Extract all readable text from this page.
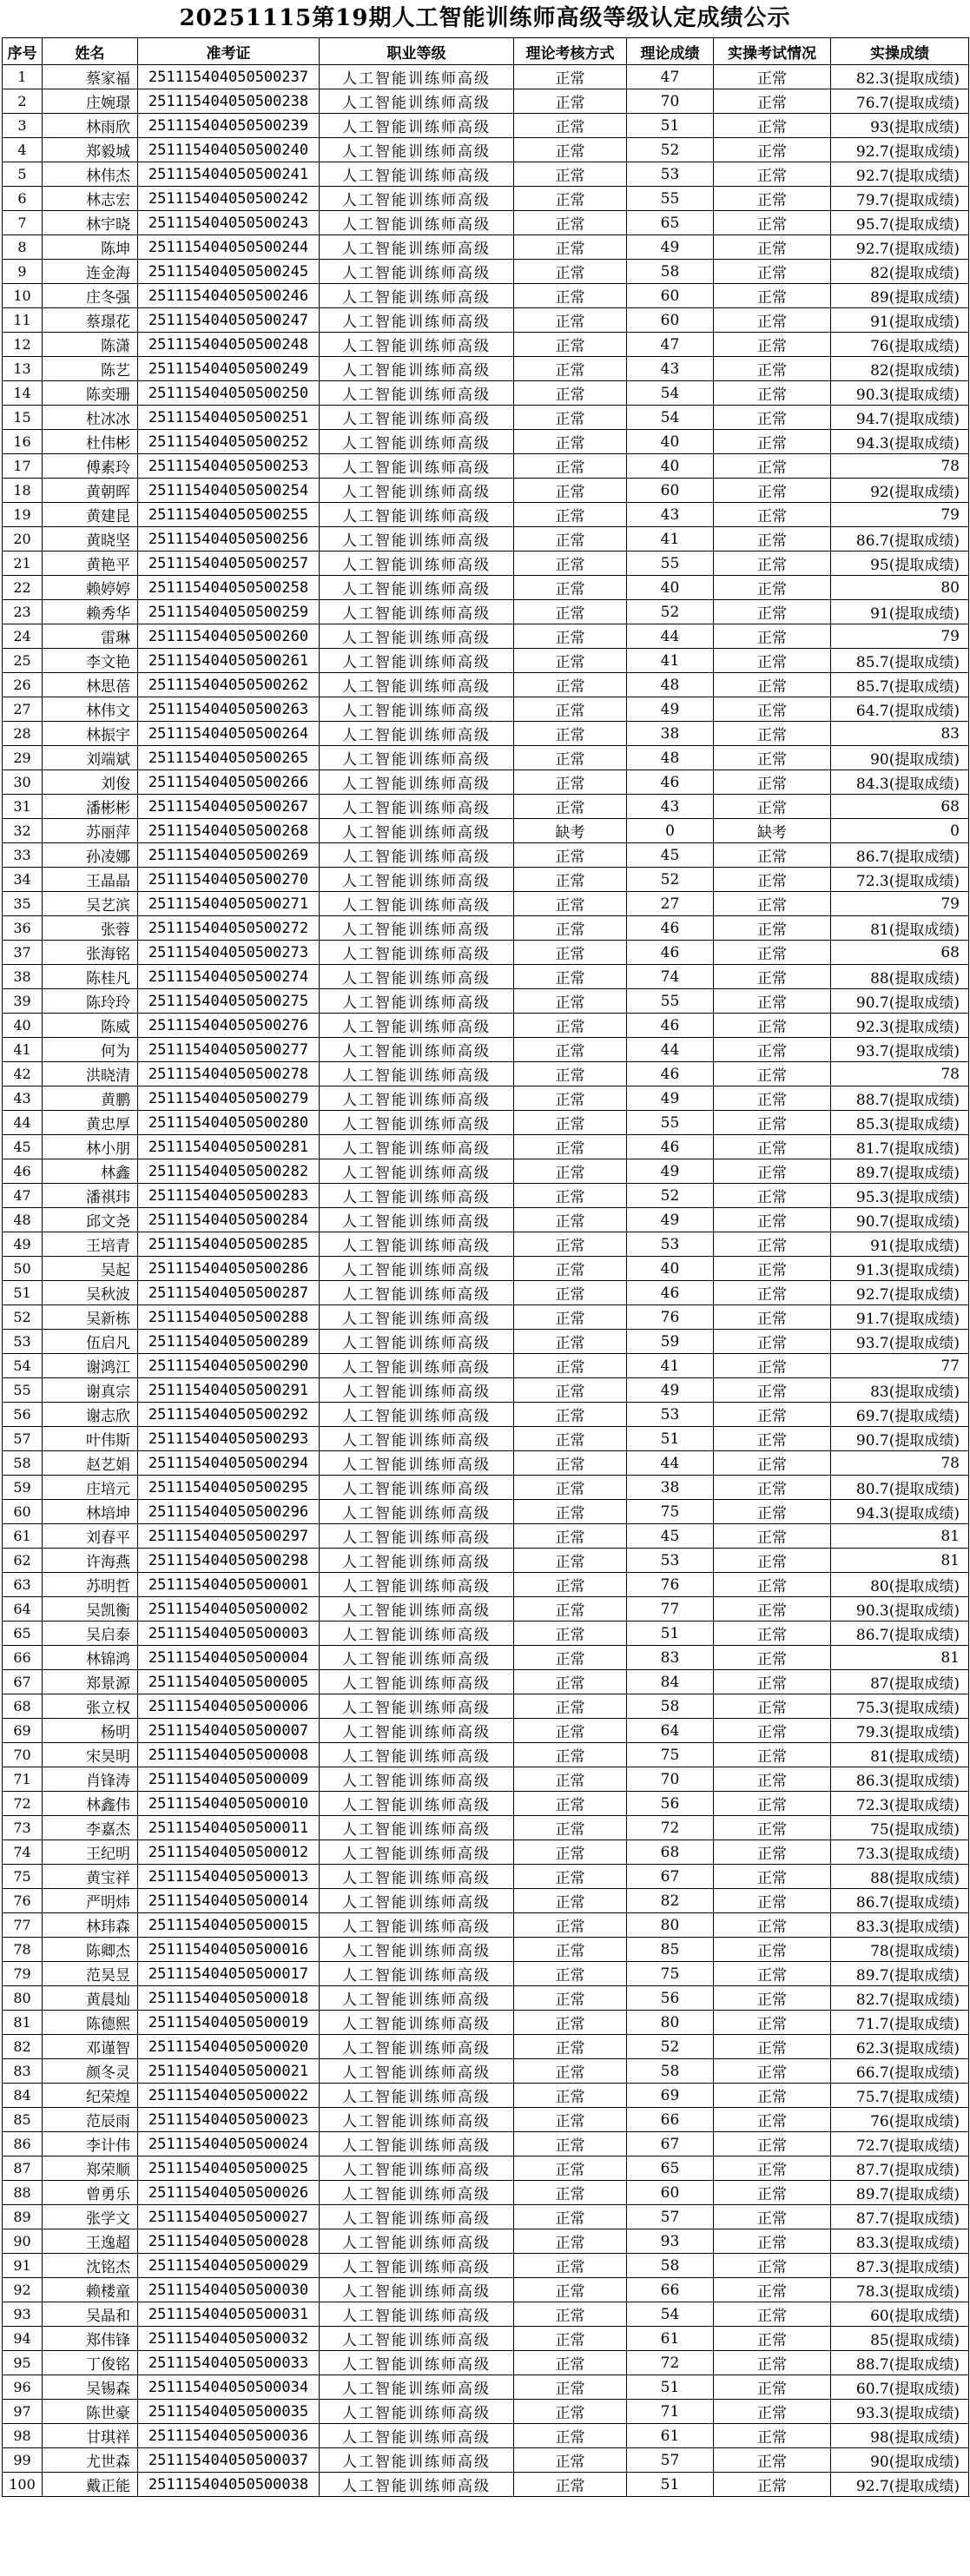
20251115第19期人工智能训练师高级等级认定成绩公示
序号	姓名	准考证	职业等级	理论考核方式	理论成绩	实操考试情况	实操成绩
1	蔡家福	251115404050500237	人工智能训练师高级	正常	47	正常	82.3(提取成绩)
2	庄婉璟	251115404050500238	人工智能训练师高级	正常	70	正常	76.7(提取成绩)
3	林雨欣	251115404050500239	人工智能训练师高级	正常	51	正常	93(提取成绩)
4	郑毅城	251115404050500240	人工智能训练师高级	正常	52	正常	92.7(提取成绩)
5	林伟杰	251115404050500241	人工智能训练师高级	正常	53	正常	92.7(提取成绩)
6	林志宏	251115404050500242	人工智能训练师高级	正常	55	正常	79.7(提取成绩)
7	林宇晓	251115404050500243	人工智能训练师高级	正常	65	正常	95.7(提取成绩)
8	陈坤	251115404050500244	人工智能训练师高级	正常	49	正常	92.7(提取成绩)
9	连金海	251115404050500245	人工智能训练师高级	正常	58	正常	82(提取成绩)
10	庄冬强	251115404050500246	人工智能训练师高级	正常	60	正常	89(提取成绩)
11	蔡璟花	251115404050500247	人工智能训练师高级	正常	60	正常	91(提取成绩)
12	陈潇	251115404050500248	人工智能训练师高级	正常	47	正常	76(提取成绩)
13	陈艺	251115404050500249	人工智能训练师高级	正常	43	正常	82(提取成绩)
14	陈奕珊	251115404050500250	人工智能训练师高级	正常	54	正常	90.3(提取成绩)
15	杜冰冰	251115404050500251	人工智能训练师高级	正常	54	正常	94.7(提取成绩)
16	杜伟彬	251115404050500252	人工智能训练师高级	正常	40	正常	94.3(提取成绩)
17	傅素玲	251115404050500253	人工智能训练师高级	正常	40	正常	78
18	黄朝晖	251115404050500254	人工智能训练师高级	正常	60	正常	92(提取成绩)
19	黄建昆	251115404050500255	人工智能训练师高级	正常	43	正常	79
20	黄晓坚	251115404050500256	人工智能训练师高级	正常	41	正常	86.7(提取成绩)
21	黄艳平	251115404050500257	人工智能训练师高级	正常	55	正常	95(提取成绩)
22	赖婷婷	251115404050500258	人工智能训练师高级	正常	40	正常	80
23	赖秀华	251115404050500259	人工智能训练师高级	正常	52	正常	91(提取成绩)
24	雷琳	251115404050500260	人工智能训练师高级	正常	44	正常	79
25	李文艳	251115404050500261	人工智能训练师高级	正常	41	正常	85.7(提取成绩)
26	林思蓓	251115404050500262	人工智能训练师高级	正常	48	正常	85.7(提取成绩)
27	林伟文	251115404050500263	人工智能训练师高级	正常	49	正常	64.7(提取成绩)
28	林振宇	251115404050500264	人工智能训练师高级	正常	38	正常	83
29	刘端斌	251115404050500265	人工智能训练师高级	正常	48	正常	90(提取成绩)
30	刘俊	251115404050500266	人工智能训练师高级	正常	46	正常	84.3(提取成绩)
31	潘彬彬	251115404050500267	人工智能训练师高级	正常	43	正常	68
32	苏丽萍	251115404050500268	人工智能训练师高级	缺考	0	缺考	0
33	孙凌娜	251115404050500269	人工智能训练师高级	正常	45	正常	86.7(提取成绩)
34	王晶晶	251115404050500270	人工智能训练师高级	正常	52	正常	72.3(提取成绩)
35	吴艺滨	251115404050500271	人工智能训练师高级	正常	27	正常	79
36	张蓉	251115404050500272	人工智能训练师高级	正常	46	正常	81(提取成绩)
37	张海铭	251115404050500273	人工智能训练师高级	正常	46	正常	68
38	陈桂凡	251115404050500274	人工智能训练师高级	正常	74	正常	88(提取成绩)
39	陈玲玲	251115404050500275	人工智能训练师高级	正常	55	正常	90.7(提取成绩)
40	陈威	251115404050500276	人工智能训练师高级	正常	46	正常	92.3(提取成绩)
41	何为	251115404050500277	人工智能训练师高级	正常	44	正常	93.7(提取成绩)
42	洪晓清	251115404050500278	人工智能训练师高级	正常	46	正常	78
43	黄鹏	251115404050500279	人工智能训练师高级	正常	49	正常	88.7(提取成绩)
44	黄忠厚	251115404050500280	人工智能训练师高级	正常	55	正常	85.3(提取成绩)
45	林小朋	251115404050500281	人工智能训练师高级	正常	46	正常	81.7(提取成绩)
46	林鑫	251115404050500282	人工智能训练师高级	正常	49	正常	89.7(提取成绩)
47	潘祺玮	251115404050500283	人工智能训练师高级	正常	52	正常	95.3(提取成绩)
48	邱文尧	251115404050500284	人工智能训练师高级	正常	49	正常	90.7(提取成绩)
49	王培青	251115404050500285	人工智能训练师高级	正常	53	正常	91(提取成绩)
50	吴起	251115404050500286	人工智能训练师高级	正常	40	正常	91.3(提取成绩)
51	吴秋波	251115404050500287	人工智能训练师高级	正常	46	正常	92.7(提取成绩)
52	吴新栋	251115404050500288	人工智能训练师高级	正常	76	正常	91.7(提取成绩)
53	伍启凡	251115404050500289	人工智能训练师高级	正常	59	正常	93.7(提取成绩)
54	谢鸿江	251115404050500290	人工智能训练师高级	正常	41	正常	77
55	谢真宗	251115404050500291	人工智能训练师高级	正常	49	正常	83(提取成绩)
56	谢志欣	251115404050500292	人工智能训练师高级	正常	53	正常	69.7(提取成绩)
57	叶伟斯	251115404050500293	人工智能训练师高级	正常	51	正常	90.7(提取成绩)
58	赵艺娟	251115404050500294	人工智能训练师高级	正常	44	正常	78
59	庄培元	251115404050500295	人工智能训练师高级	正常	38	正常	80.7(提取成绩)
60	林培坤	251115404050500296	人工智能训练师高级	正常	75	正常	94.3(提取成绩)
61	刘春平	251115404050500297	人工智能训练师高级	正常	45	正常	81
62	许海燕	251115404050500298	人工智能训练师高级	正常	53	正常	81
63	苏明哲	251115404050500001	人工智能训练师高级	正常	76	正常	80(提取成绩)
64	吴凯衡	251115404050500002	人工智能训练师高级	正常	77	正常	90.3(提取成绩)
65	吴启泰	251115404050500003	人工智能训练师高级	正常	51	正常	86.7(提取成绩)
66	林锦鸿	251115404050500004	人工智能训练师高级	正常	83	正常	81
67	郑景源	251115404050500005	人工智能训练师高级	正常	84	正常	87(提取成绩)
68	张立权	251115404050500006	人工智能训练师高级	正常	58	正常	75.3(提取成绩)
69	杨明	251115404050500007	人工智能训练师高级	正常	64	正常	79.3(提取成绩)
70	宋昊明	251115404050500008	人工智能训练师高级	正常	75	正常	81(提取成绩)
71	肖锋涛	251115404050500009	人工智能训练师高级	正常	70	正常	86.3(提取成绩)
72	林鑫伟	251115404050500010	人工智能训练师高级	正常	56	正常	72.3(提取成绩)
73	李嘉杰	251115404050500011	人工智能训练师高级	正常	72	正常	75(提取成绩)
74	王纪明	251115404050500012	人工智能训练师高级	正常	68	正常	73.3(提取成绩)
75	黄宝祥	251115404050500013	人工智能训练师高级	正常	67	正常	88(提取成绩)
76	严明炜	251115404050500014	人工智能训练师高级	正常	82	正常	86.7(提取成绩)
77	林玮森	251115404050500015	人工智能训练师高级	正常	80	正常	83.3(提取成绩)
78	陈卿杰	251115404050500016	人工智能训练师高级	正常	85	正常	78(提取成绩)
79	范昊昱	251115404050500017	人工智能训练师高级	正常	75	正常	89.7(提取成绩)
80	黄晨灿	251115404050500018	人工智能训练师高级	正常	56	正常	82.7(提取成绩)
81	陈德熙	251115404050500019	人工智能训练师高级	正常	80	正常	71.7(提取成绩)
82	邓谨智	251115404050500020	人工智能训练师高级	正常	52	正常	62.3(提取成绩)
83	颜冬灵	251115404050500021	人工智能训练师高级	正常	58	正常	66.7(提取成绩)
84	纪荣煌	251115404050500022	人工智能训练师高级	正常	69	正常	75.7(提取成绩)
85	范辰雨	251115404050500023	人工智能训练师高级	正常	66	正常	76(提取成绩)
86	李计伟	251115404050500024	人工智能训练师高级	正常	67	正常	72.7(提取成绩)
87	郑荣顺	251115404050500025	人工智能训练师高级	正常	65	正常	87.7(提取成绩)
88	曾勇乐	251115404050500026	人工智能训练师高级	正常	60	正常	89.7(提取成绩)
89	张学文	251115404050500027	人工智能训练师高级	正常	57	正常	87.7(提取成绩)
90	王逸超	251115404050500028	人工智能训练师高级	正常	93	正常	83.3(提取成绩)
91	沈铭杰	251115404050500029	人工智能训练师高级	正常	58	正常	87.3(提取成绩)
92	赖楼童	251115404050500030	人工智能训练师高级	正常	66	正常	78.3(提取成绩)
93	吴晶和	251115404050500031	人工智能训练师高级	正常	54	正常	60(提取成绩)
94	郑伟锋	251115404050500032	人工智能训练师高级	正常	61	正常	85(提取成绩)
95	丁俊铭	251115404050500033	人工智能训练师高级	正常	72	正常	88.7(提取成绩)
96	吴锡森	251115404050500034	人工智能训练师高级	正常	51	正常	60.7(提取成绩)
97	陈世豪	251115404050500035	人工智能训练师高级	正常	71	正常	93.3(提取成绩)
98	甘琪祥	251115404050500036	人工智能训练师高级	正常	61	正常	98(提取成绩)
99	尤世森	251115404050500037	人工智能训练师高级	正常	57	正常	90(提取成绩)
100	戴正能	251115404050500038	人工智能训练师高级	正常	51	正常	92.7(提取成绩)
